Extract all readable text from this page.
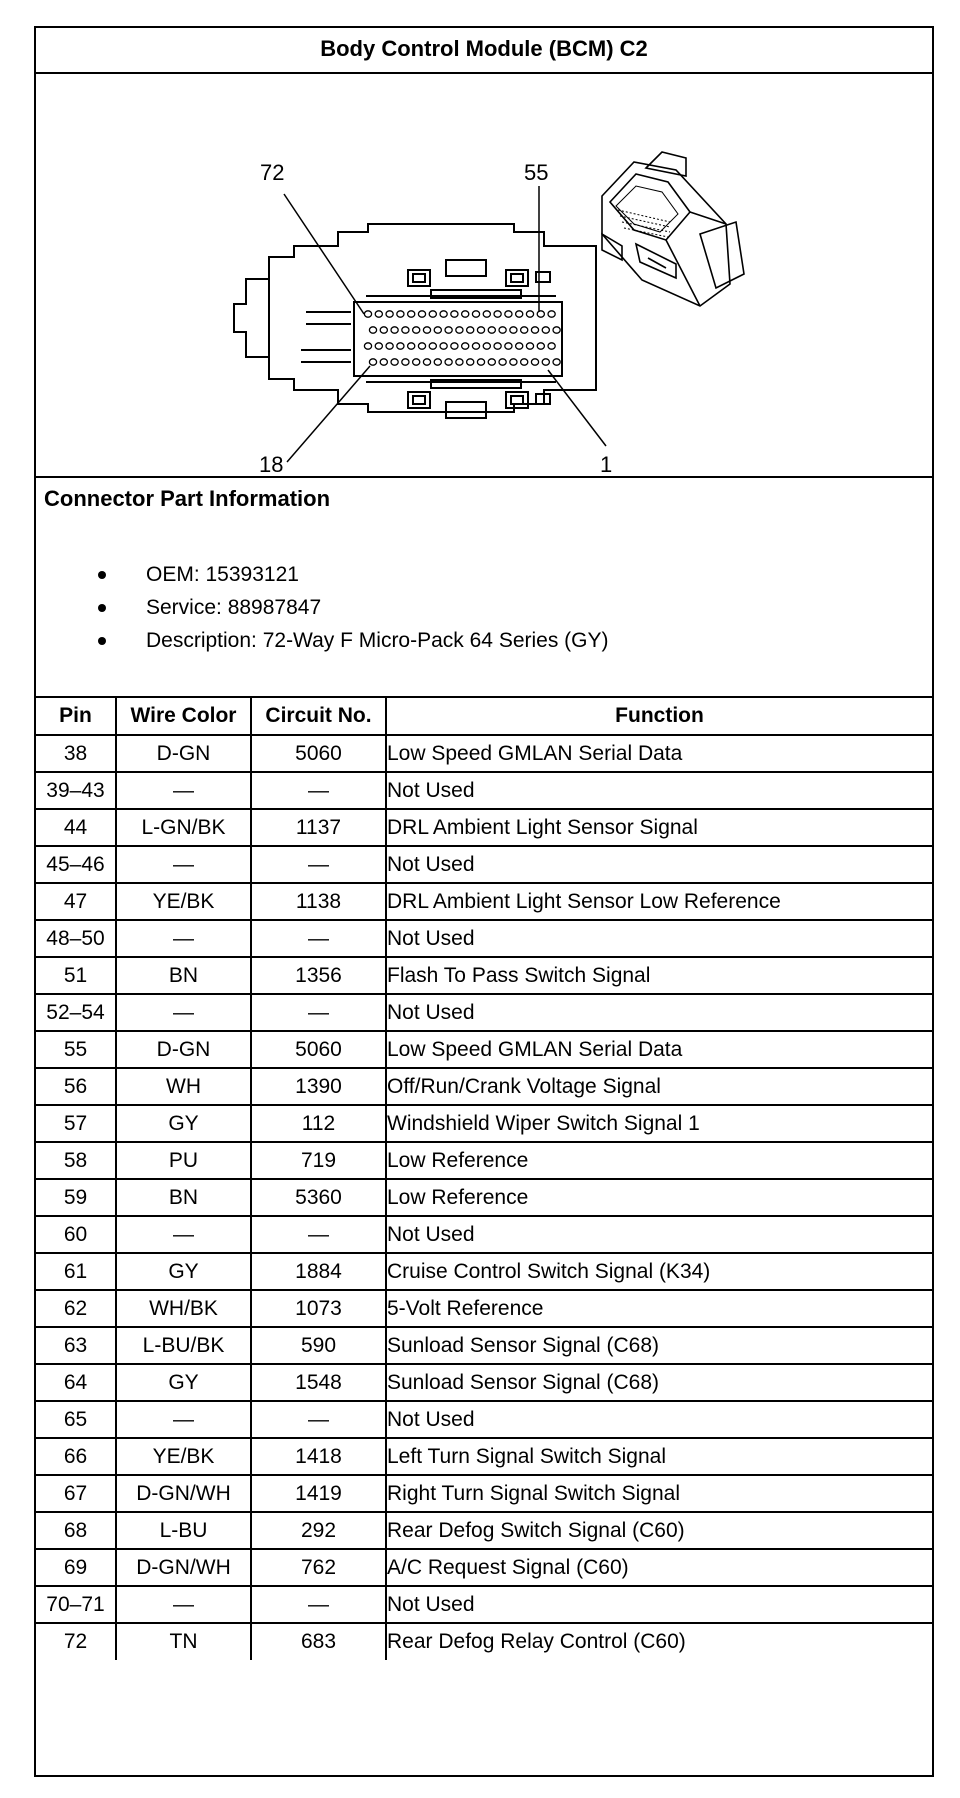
Body Control Module (BCM) C2
72	55
18	1
Connector Part Information
OEM: 15393121
Service: 88987847
Description: 72-Way F Micro-Pack 64 Series (GY)
Pin	Wire Color	Circuit No.	Function
38	D-GN	5060	Low Speed GMLAN Serial Data
39–43	—	—	Not Used
44	L-GN/BK	1137	DRL Ambient Light Sensor Signal
45–46	—	—	Not Used
47	YE/BK	1138	DRL Ambient Light Sensor Low Reference
48–50	—	—	Not Used
51	BN	1356	Flash To Pass Switch Signal
52–54	—	—	Not Used
55	D-GN	5060	Low Speed GMLAN Serial Data
56	WH	1390	Off/Run/Crank Voltage Signal
57	GY	112	Windshield Wiper Switch Signal 1
58	PU	719	Low Reference
59	BN	5360	Low Reference
60	—	—	Not Used
61	GY	1884	Cruise Control Switch Signal (K34)
62	WH/BK	1073	5-Volt Reference
63	L-BU/BK	590	Sunload Sensor Signal (C68)
64	GY	1548	Sunload Sensor Signal (C68)
65	—	—	Not Used
66	YE/BK	1418	Left Turn Signal Switch Signal
67	D-GN/WH	1419	Right Turn Signal Switch Signal
68	L-BU	292	Rear Defog Switch Signal (C60)
69	D-GN/WH	762	A/C Request Signal (C60)
70–71	—	—	Not Used
72	TN	683	Rear Defog Relay Control (C60)
